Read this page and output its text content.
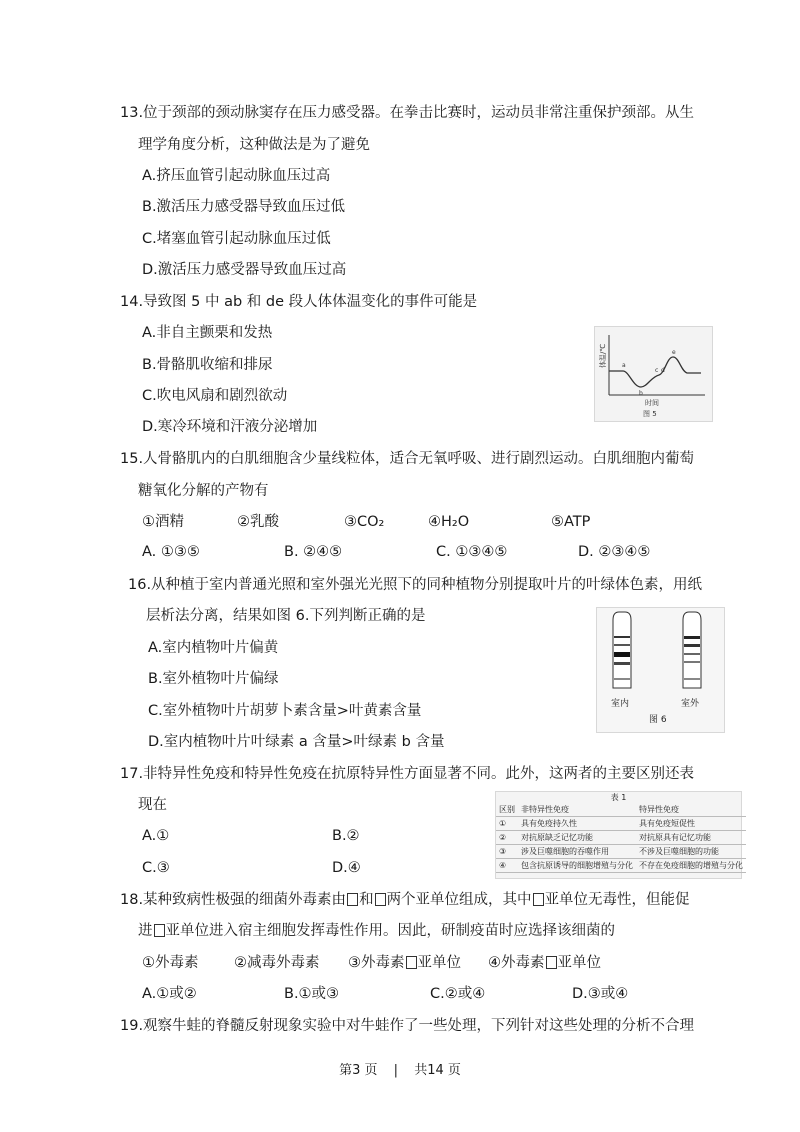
13.位于颈部的颈动脉窦存在压力感受器。在拳击比赛时，运动员非常注重保护颈部。从生
理学角度分析，这种做法是为了避免
A.挤压血管引起动脉血压过高
B.激活压力感受器导致血压过低
C.堵塞血管引起动脉血压过低
D.激活压力感受器导致血压过高
14.导致图 5 中 ab 和 de 段人体体温变化的事件可能是
A.非自主颤栗和发热
B.骨骼肌收缩和排尿
C.吹电风扇和剧烈欲动
D.寒冷环境和汗液分泌增加
体温/℃	a
b
c d
e
时间
图 5
15.人骨骼肌内的白肌细胞含少量线粒体，适合无氧呼吸、进行剧烈运动。白肌细胞内葡萄
糖氧化分解的产物有
①酒精	②乳酸	③CO₂	④H₂O	⑤ATP
A. ①③⑤	B. ②④⑤	C. ①③④⑤	D. ②③④⑤
16.从种植于室内普通光照和室外强光光照下的同种植物分别提取叶片的叶绿体色素，用纸
层析法分离，结果如图 6.下列判断正确的是
A.室内植物叶片偏黄
B.室外植物叶片偏绿
C.室外植物叶片胡萝卜素含量>叶黄素含量
D.室内植物叶片叶绿素 a 含量>叶绿素 b 含量
室内	室外
图 6
17.非特异性免疫和特异性免疫在抗原特异性方面显著不同。此外，这两者的主要区别还表
现在
A.①	B.②
C.③	D.④
表 1
区别	非特异性免疫	特异性免疫
①	具有免疫持久性	具有免疫短促性
②	对抗原缺乏记忆功能	对抗原具有记忆功能
③	涉及巨噬细胞的吞噬作用	不涉及巨噬细胞的功能
④	包含抗原诱导的细胞增殖与分化	不存在免疫细胞的增殖与分化
18.某种致病性极强的细菌外毒素由 和 两个亚单位组成，其中 亚单位无毒性，但能促
进 亚单位进入宿主细胞发挥毒性作用。因此，研制疫苗时应选择该细菌的
①外毒素 ②减毒外毒素 ③外毒素 亚单位 ④外毒素 亚单位
A.①或②	B.①或③	C.②或④	D.③或④
19.观察牛蛙的脊髓反射现象实验中对牛蛙作了一些处理，下列针对这些处理的分析不合理
第3 页 | 共14 页
